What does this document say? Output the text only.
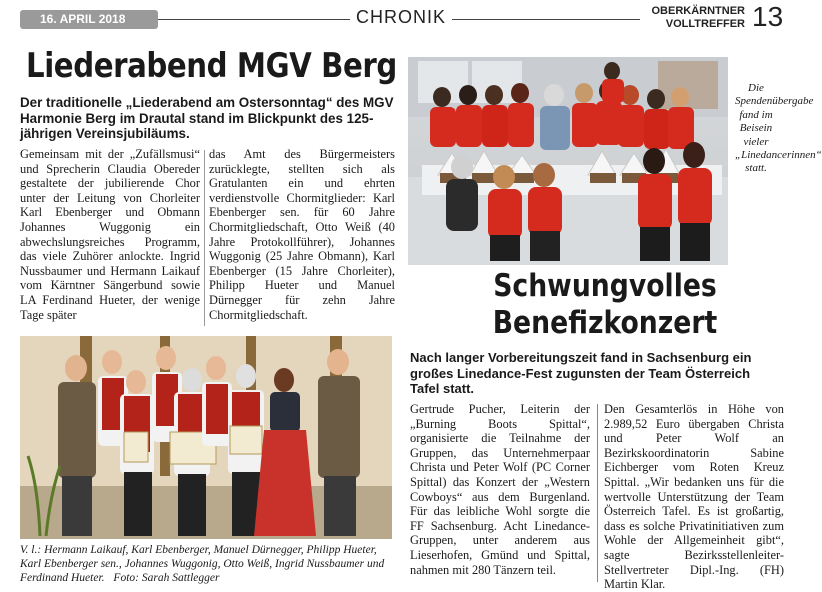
16. APRIL 2018	CHRONIK	OBERKÄRNTNER
VOLLTREFFER 13
Liederabend MGV Berg

Der traditionelle „Liederabend am Ostersonntag“ des MGV Harmonie Berg im Drautal stand im Blickpunkt des 125-jährigen Vereinsjubiläums.

Gemeinsam mit der „Zufällsmusi“ und Sprecherin Claudia Obereder gestaltete der jubilierende Chor unter der Leitung von Chorleiter Karl Ebenberger und Obmann Johannes Wuggonig ein abwechslungsreiches Programm, das viele Zuhörer anlockte. Ingrid Nussbaumer und Hermann Laikauf vom Kärntner Sängerbund sowie LA Ferdinand Hueter, der wenige Tage später

das Amt des Bürgermeisters zurücklegte, stellten sich als Gratulanten ein und ehrten verdienstvolle Chormitglieder: Karl Ebenberger sen. für 60 Jahre Chormitgliedschaft, Otto Weiß (40 Jahre Protokollführer), Johannes Wuggonig (25 Jahre Obmann), Karl Ebenberger (15 Jahre Chorleiter), Philipp Hueter und Manuel Dürnegger für zehn Jahre Chormitgliedschaft.

Die Spendenübergabe fand im Beisein vieler „Linedancerinnen“ statt.

V. l.: Hermann Laikauf, Karl Ebenberger, Manuel Dürnegger, Philipp Hueter, Karl Ebenberger sen., Johannes Wuggonig, Otto Weiß, Ingrid Nussbaumer und Ferdinand Hueter. Foto: Sarah Sattlegger

Schwungvolles
Benefizkonzert

Nach langer Vorbereitungszeit fand in Sachsenburg ein großes Linedance-Fest zugunsten der Team Österreich Tafel statt.

Gertrude Pucher, Leiterin der „Burning Boots Spittal“, organisierte die Teilnahme der Gruppen, das Unternehmerpaar Christa und Peter Wolf (PC Corner Spittal) das Konzert der „Western Cowboys“ aus dem Burgenland. Für das leibliche Wohl sorgte die FF Sachsenburg. Acht Linedance-Gruppen, unter anderem aus Lieserhofen, Gmünd und Spittal, nahmen mit 280 Tänzern teil.

Den Gesamterlös in Höhe von 2.989,52 Euro übergaben Christa und Peter Wolf an Bezirkskoordinatorin Sabine Eichberger vom Roten Kreuz Spittal. „Wir bedanken uns für die wertvolle Unterstützung der Team Österreich Tafel. Es ist großartig, dass es solche Privatinitiativen zum Wohle der Allgemeinheit gibt“, sagte Bezirksstellenleiter-Stellvertreter Dipl.-Ing. (FH) Martin Klar.
